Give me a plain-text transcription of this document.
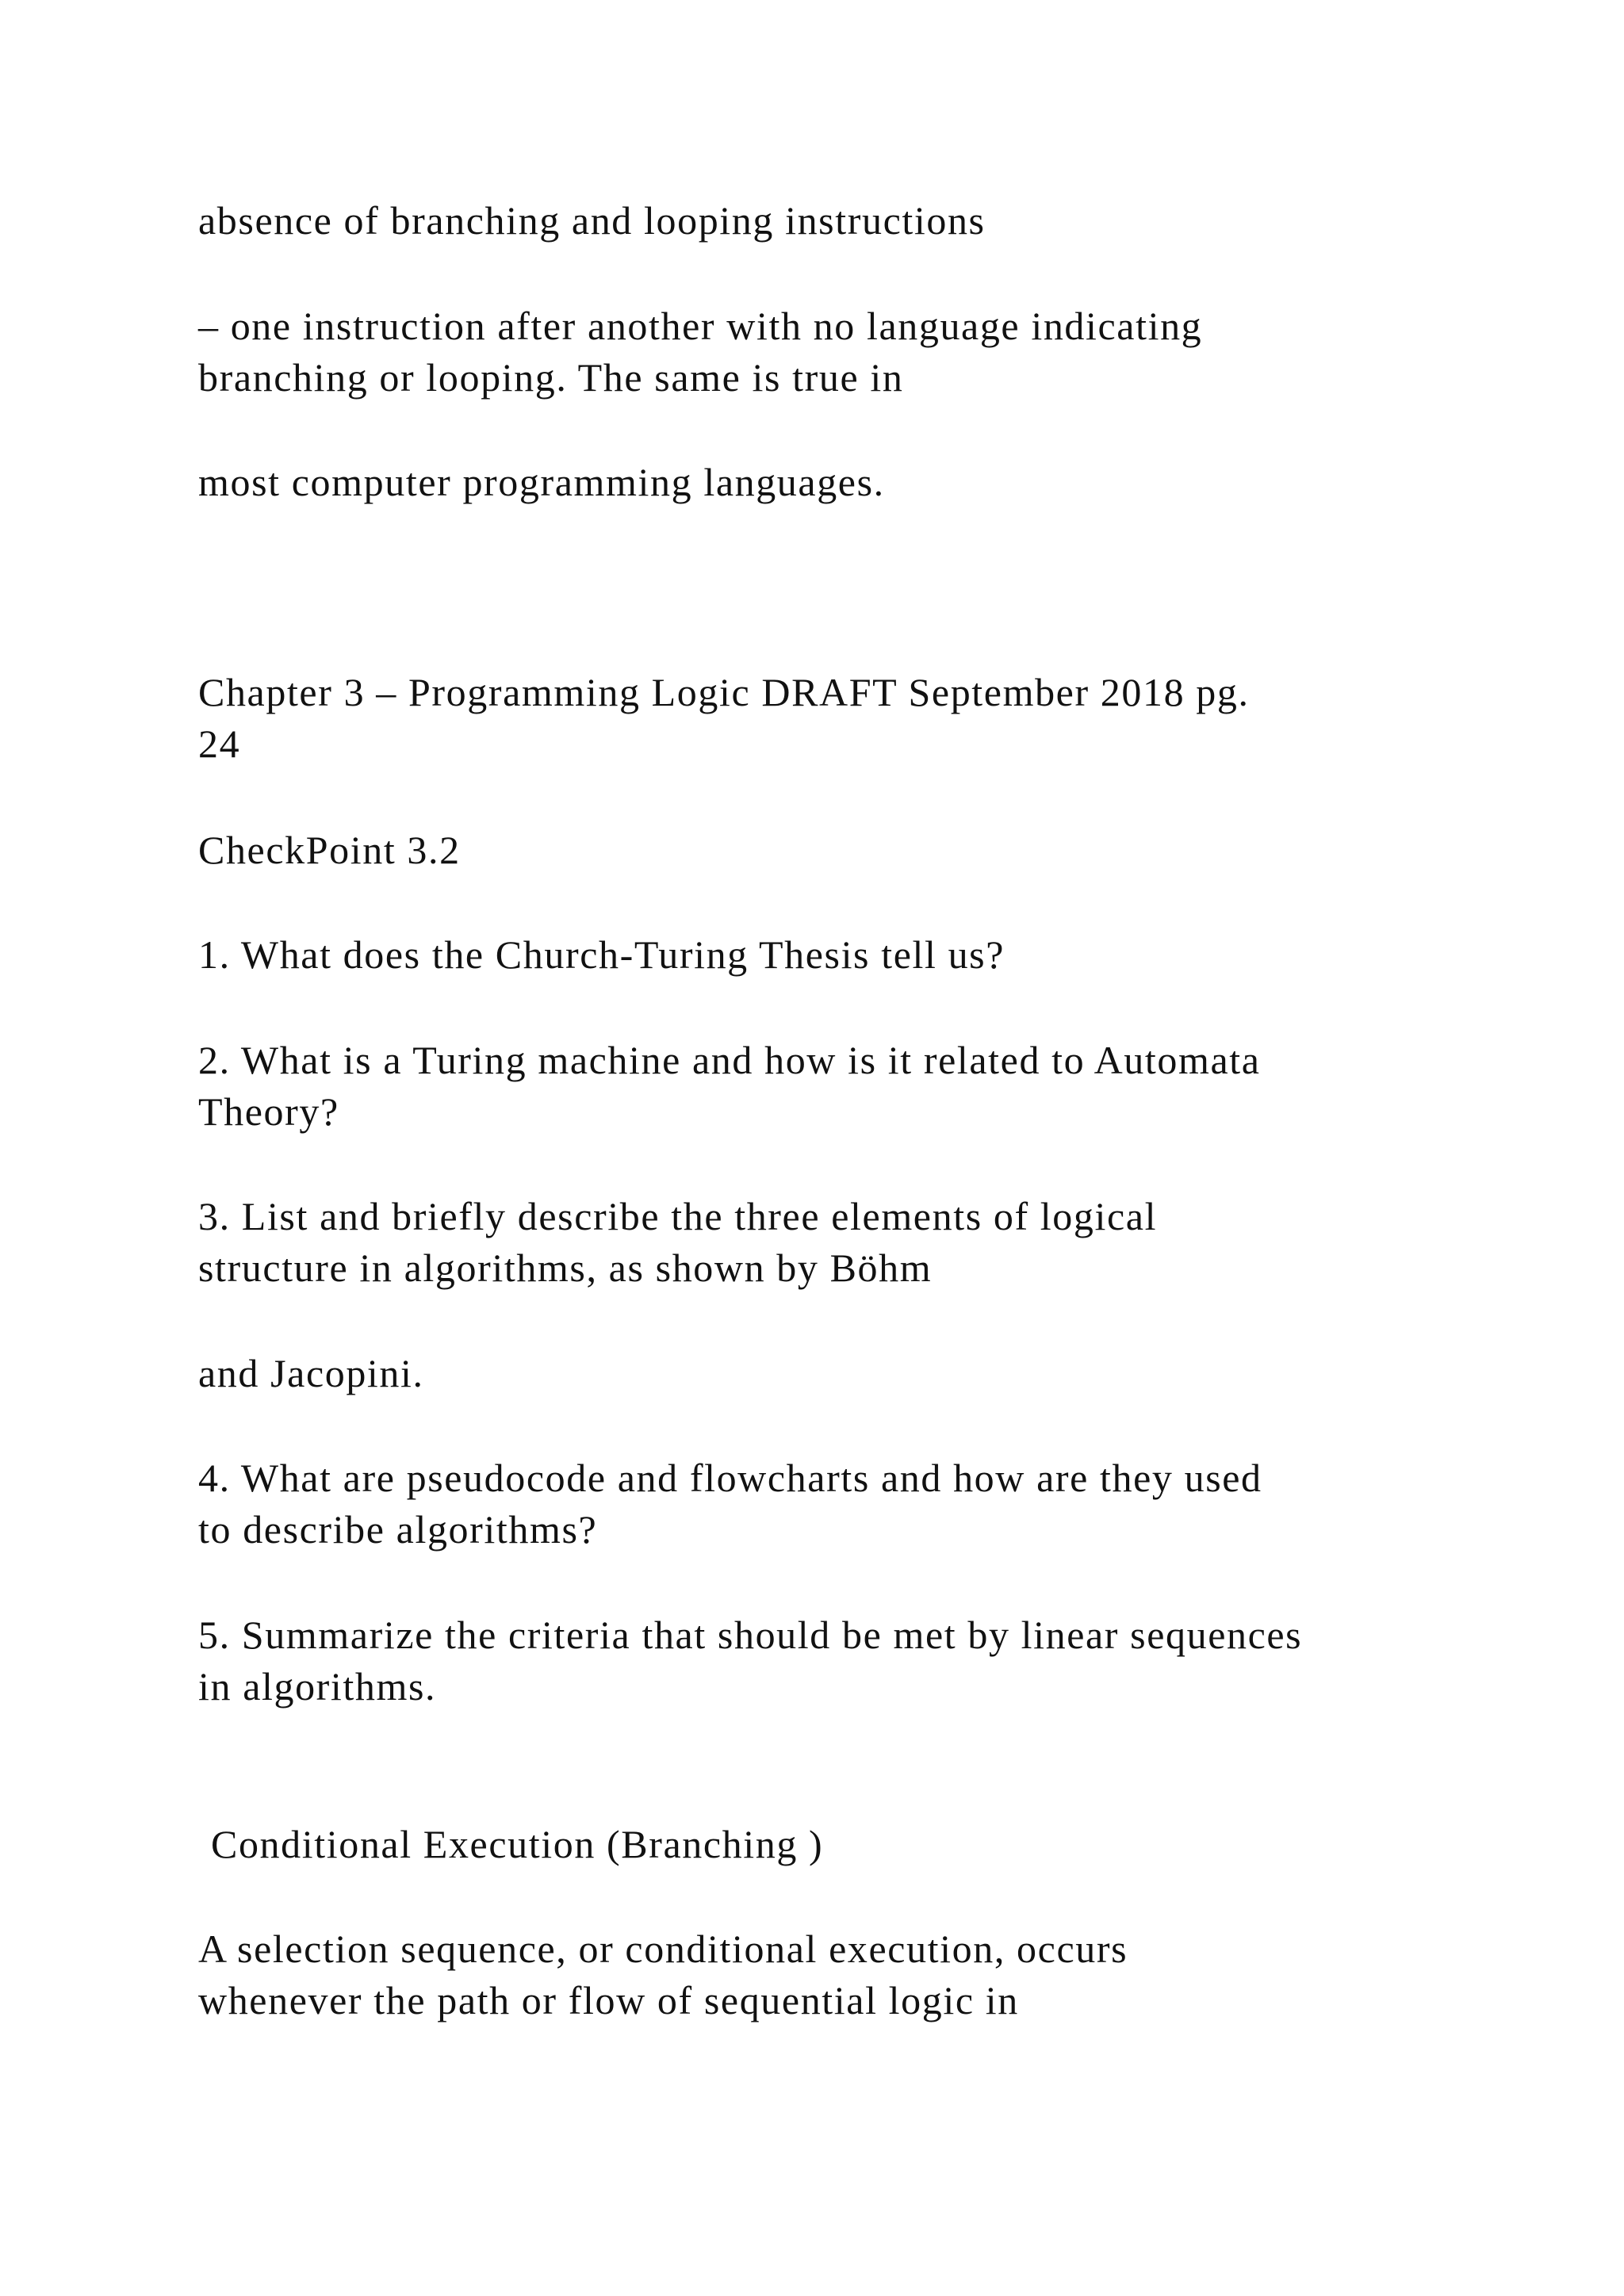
absence of branching and looping instructions

– one instruction after another with no language indicating

branching or looping. The same is true in

most computer programming languages.

Chapter 3 – Programming Logic DRAFT September 2018 pg.

24

CheckPoint 3.2

1. What does the Church-Turing Thesis tell us?

2. What is a Turing machine and how is it related to Automata

Theory?

3. List and briefly describe the three elements of logical

structure in algorithms, as shown by Böhm

and Jacopini.

4. What are pseudocode and flowcharts and how are they used

to describe algorithms?

5. Summarize the criteria that should be met by linear sequences

in algorithms.

Conditional Execution (Branching )

A selection sequence, or conditional execution, occurs

whenever the path or flow of sequential logic in
